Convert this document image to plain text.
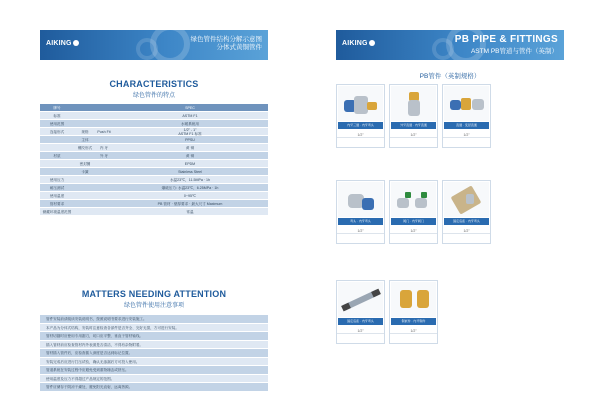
AIKING
绿色管件结构分解示意图
分体式黄铜管件
CHARACTERISTICS
绿色管件的特点
牌号	SPEC
标准	ASTM F1
使用范围	水暖系统用
连接形式	规格	Push Fit	1/2" - 1"
ASTM F1 标准
主体	PPSU
螺纹形式	内 牙	黄 铜
材质	外 牙	黄 铜
密封圈	EPDM
卡簧	Stainless Steel
使用压力	水温23℃，11.5MPa · 1h
耐压测试	爆破压力: 水温23℃，6.25MPa · 1h
使用温度	0~95℃
管材要求	PB 管材 · 壁厚要求 · 最大尺寸 Maximum
储藏环境温度范围	常温
MATTERS NEEDING ATTENTION
绿色管件使用注意事项
管件安装前请阅读安装说明书，按照说明书要求进行安装施工。
本产品为分体式结构，安装时注意检查各部件是否齐全、完好无损，方可进行安装。
管材切割时应使用专用割刀，切口应平整、垂直于管材轴线。
插入管材前应检查管材内外表面是否清洁，不得有杂物附着。
管材插入管件后，应检查插入深度是否达到标记位置。
安装完成后应进行打压试验，确认无渗漏后方可投入使用。
管道系统在安装过程中应避免受到重物撞击或挤压。
使用温度及压力不得超过产品规定的范围。
管件应储存于阴凉干燥处，避免阳光直射，远离热源。
AIKING	PB PIPE & FITTINGS
ASTM PB管道与管件（英制）
PB管件（英制规格）
内牙三通 · 内牙弯头
1/2"
外牙直通 · 内牙直通
1/2"
直通 · 变径直通
1/2"
弯头 · 内牙弯头
1/2"
阀门 · 内牙阀门
1/2"
固定底座 · 内牙弯头
1/2"
固定底座 · 内牙弯头
1/2"
铜嵌件 · 内牙铜件
1/2"
